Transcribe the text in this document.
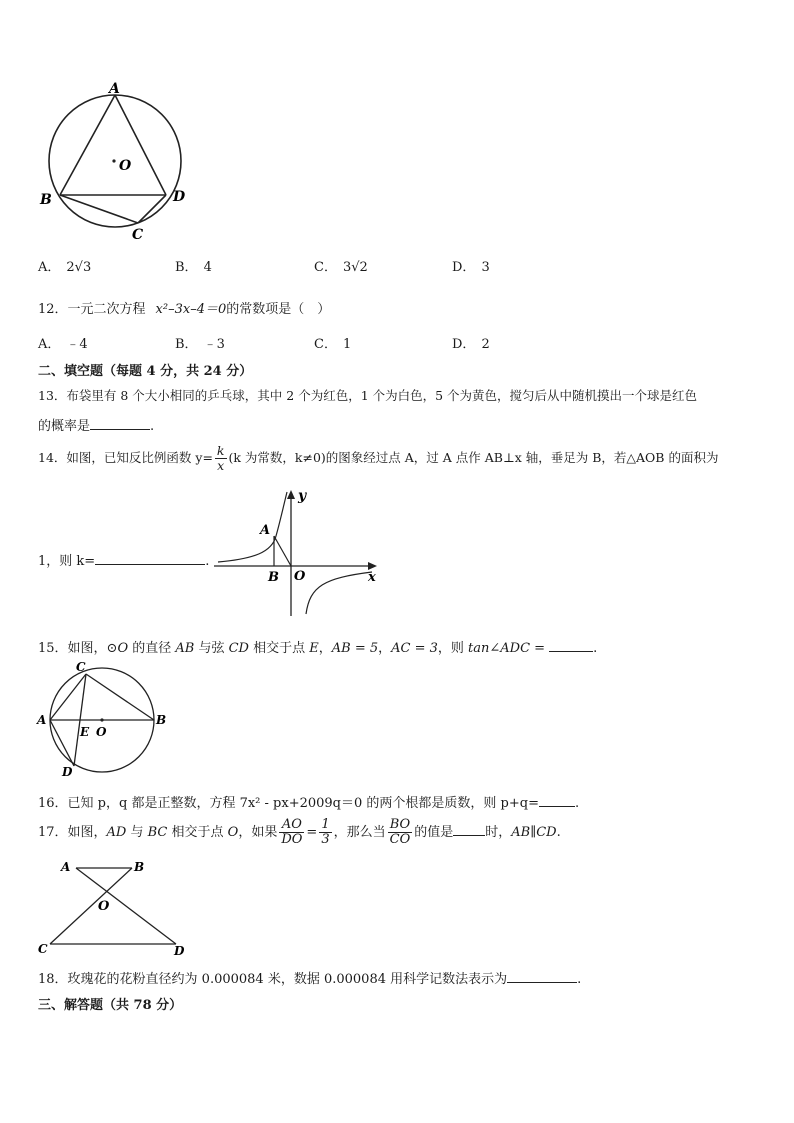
A
O
B	D
C
A． 2√3	B． 4	C． 3√2	D． 3
12．一元二次方程 x²–3x–4＝0的常数项是（　）
A． ﹣4	B． ﹣3	C． 1	D． 2
二、填空题（每题 4 分，共 24 分）
13．布袋里有 8 个大小相同的乒乓球，其中 2 个为红色，1 个为白色，5 个为黄色，搅匀后从中随机摸出一个球是红色
的概率是	.
14．如图，已知反比例函数 $y= \frac{k}{x} (k$ 为常数，k≠0)的图象经过点 A，过 A 点作 AB⊥x 轴，垂足为 B，若△AOB 的面积为
1，则 k=	.
y
x
A
B O
15．如图，⊙O 的直径 AB 与弦 CD 相交于点 E，AB = 5，AC = 3，则 tan∠ADC =	.
C
A	B
E O
D
16．已知 p，q 都是正整数，方程 7x² - px+2009q＝0 的两个根都是质数，则 p+q=	.
17．如图，AD 与 BC 相交于点 O，如果 $\frac{AO}{DO} = \frac{1}{3}$ ，那么当 $\frac{BO}{CO}$ 的值是 时，AB∥CD.
A	B
O
C	D
18．玫瑰花的花粉直径约为 0.000084 米，数据 0.000084 用科学记数法表示为	.
三、解答题（共 78 分）
